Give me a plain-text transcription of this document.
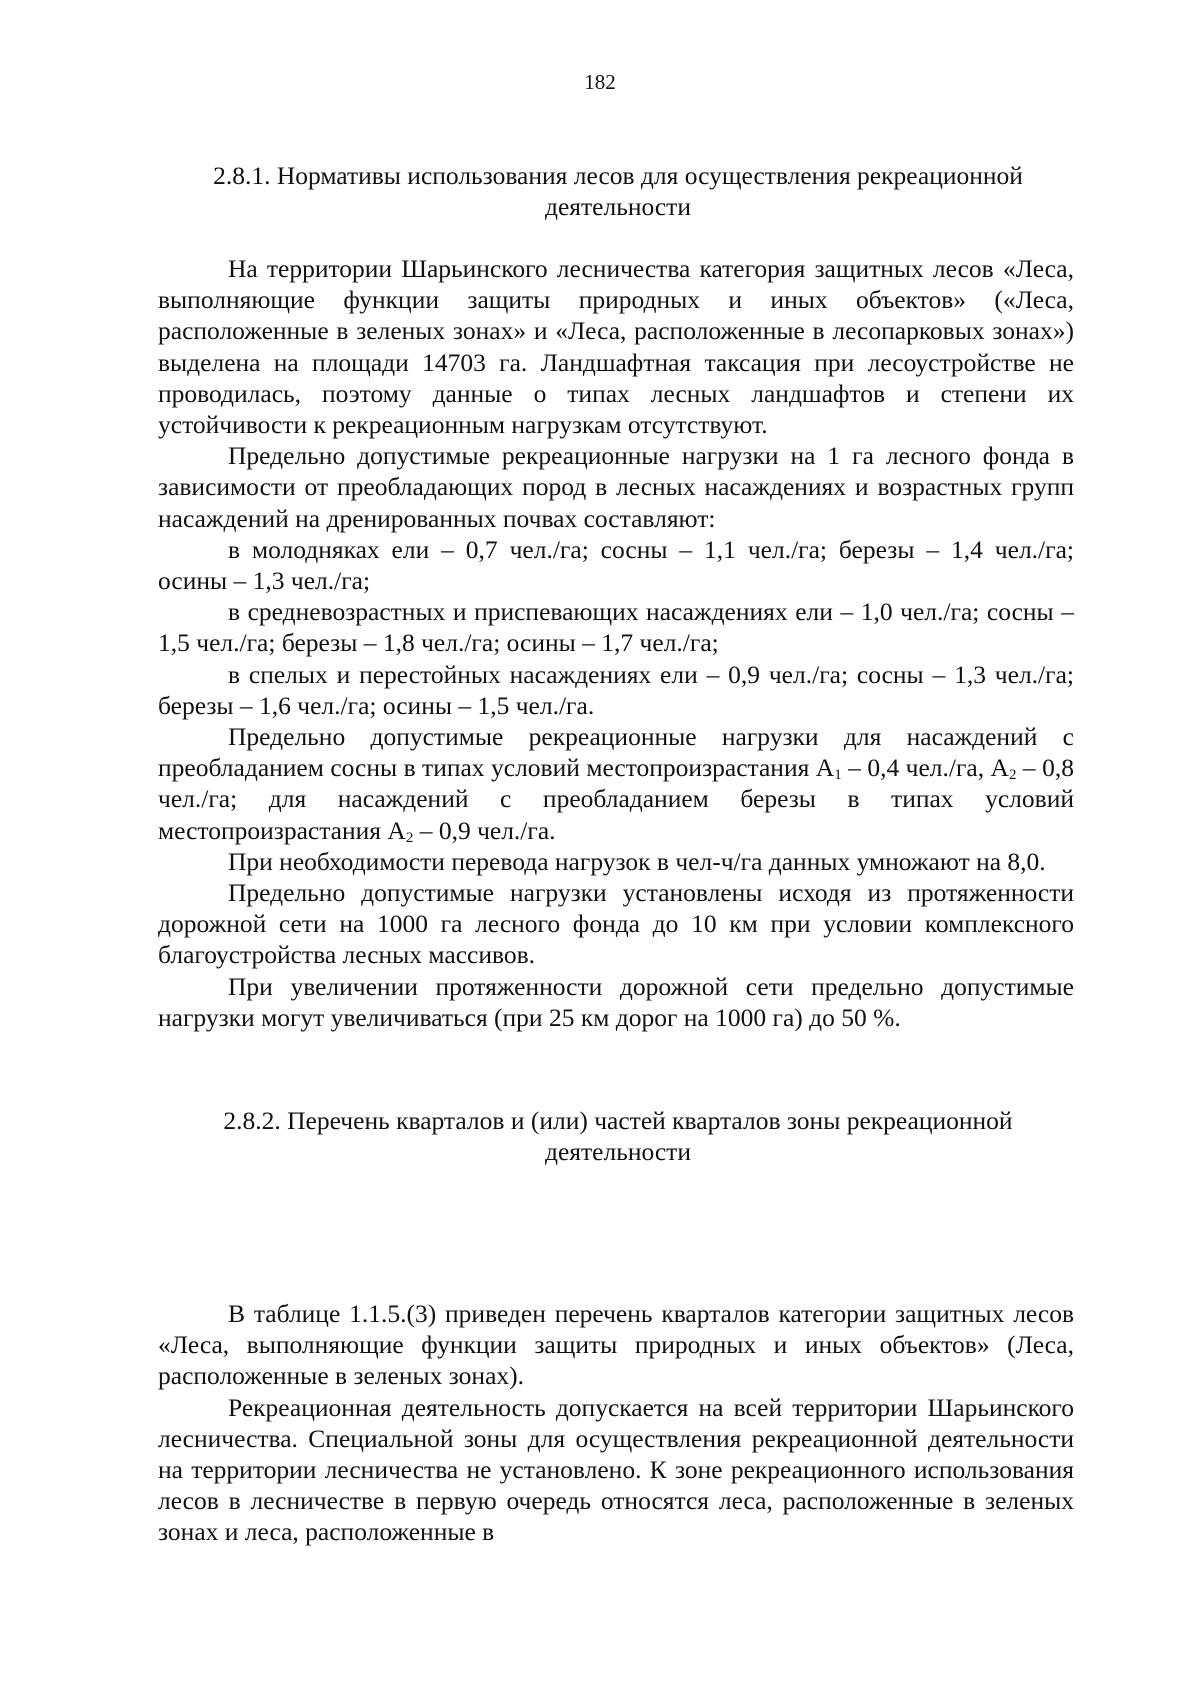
182
2.8.1. Нормативы использования лесов для осуществления рекреационной
деятельности

На территории Шарьинского лесничества категория защитных лесов «Леса, выполняющие функции защиты природных и иных объектов» («Леса, расположенные в зеленых зонах» и «Леса, расположенные в лесопарковых зонах») выделена на площади 14703 га. Ландшафтная таксация при лесоустройстве не проводилась, поэтому данные о типах лесных ландшафтов и степени их устойчивости к рекреационным нагрузкам отсутствуют.

Предельно допустимые рекреационные нагрузки на 1 га лесного фонда в зависимости от преобладающих пород в лесных насаждениях и возрастных групп насаждений на дренированных почвах составляют:

в молодняках ели – 0,7 чел./га; сосны – 1,1 чел./га; березы – 1,4 чел./га; осины – 1,3 чел./га;

в средневозрастных и приспевающих насаждениях ели – 1,0 чел./га; сосны – 1,5 чел./га; березы – 1,8 чел./га; осины – 1,7 чел./га;

в спелых и перестойных насаждениях ели – 0,9 чел./га; сосны – 1,3 чел./га; березы – 1,6 чел./га; осины – 1,5 чел./га.

Предельно допустимые рекреационные нагрузки для насаждений с преобладанием сосны в типах условий местопроизрастания $А_1 - 0,4$ чел./га, $А_2 - 0,8$ чел./га; для насаждений с преобладанием березы в типах условий местопроизрастания $А_2 - 0,9$ чел./га.

При необходимости перевода нагрузок в чел-ч/га данных умножают на 8,0.

Предельно допустимые нагрузки установлены исходя из протяженности дорожной сети на 1000 га лесного фонда до 10 км при условии комплексного благоустройства лесных массивов.

При увеличении протяженности дорожной сети предельно допустимые нагрузки могут увеличиваться (при 25 км дорог на 1000 га) до 50 %.

2.8.2. Перечень кварталов и (или) частей кварталов зоны рекреационной
деятельности

В таблице 1.1.5.(3) приведен перечень кварталов категории защитных лесов «Леса, выполняющие функции защиты природных и иных объектов» (Леса, расположенные в зеленых зонах).

Рекреационная деятельность допускается на всей территории Шарьинского лесничества. Специальной зоны для осуществления рекреационной деятельности на территории лесничества не установлено. К зоне рекреационного использования лесов в лесничестве в первую очередь относятся леса, расположенные в зеленых зонах и леса, расположенные в
